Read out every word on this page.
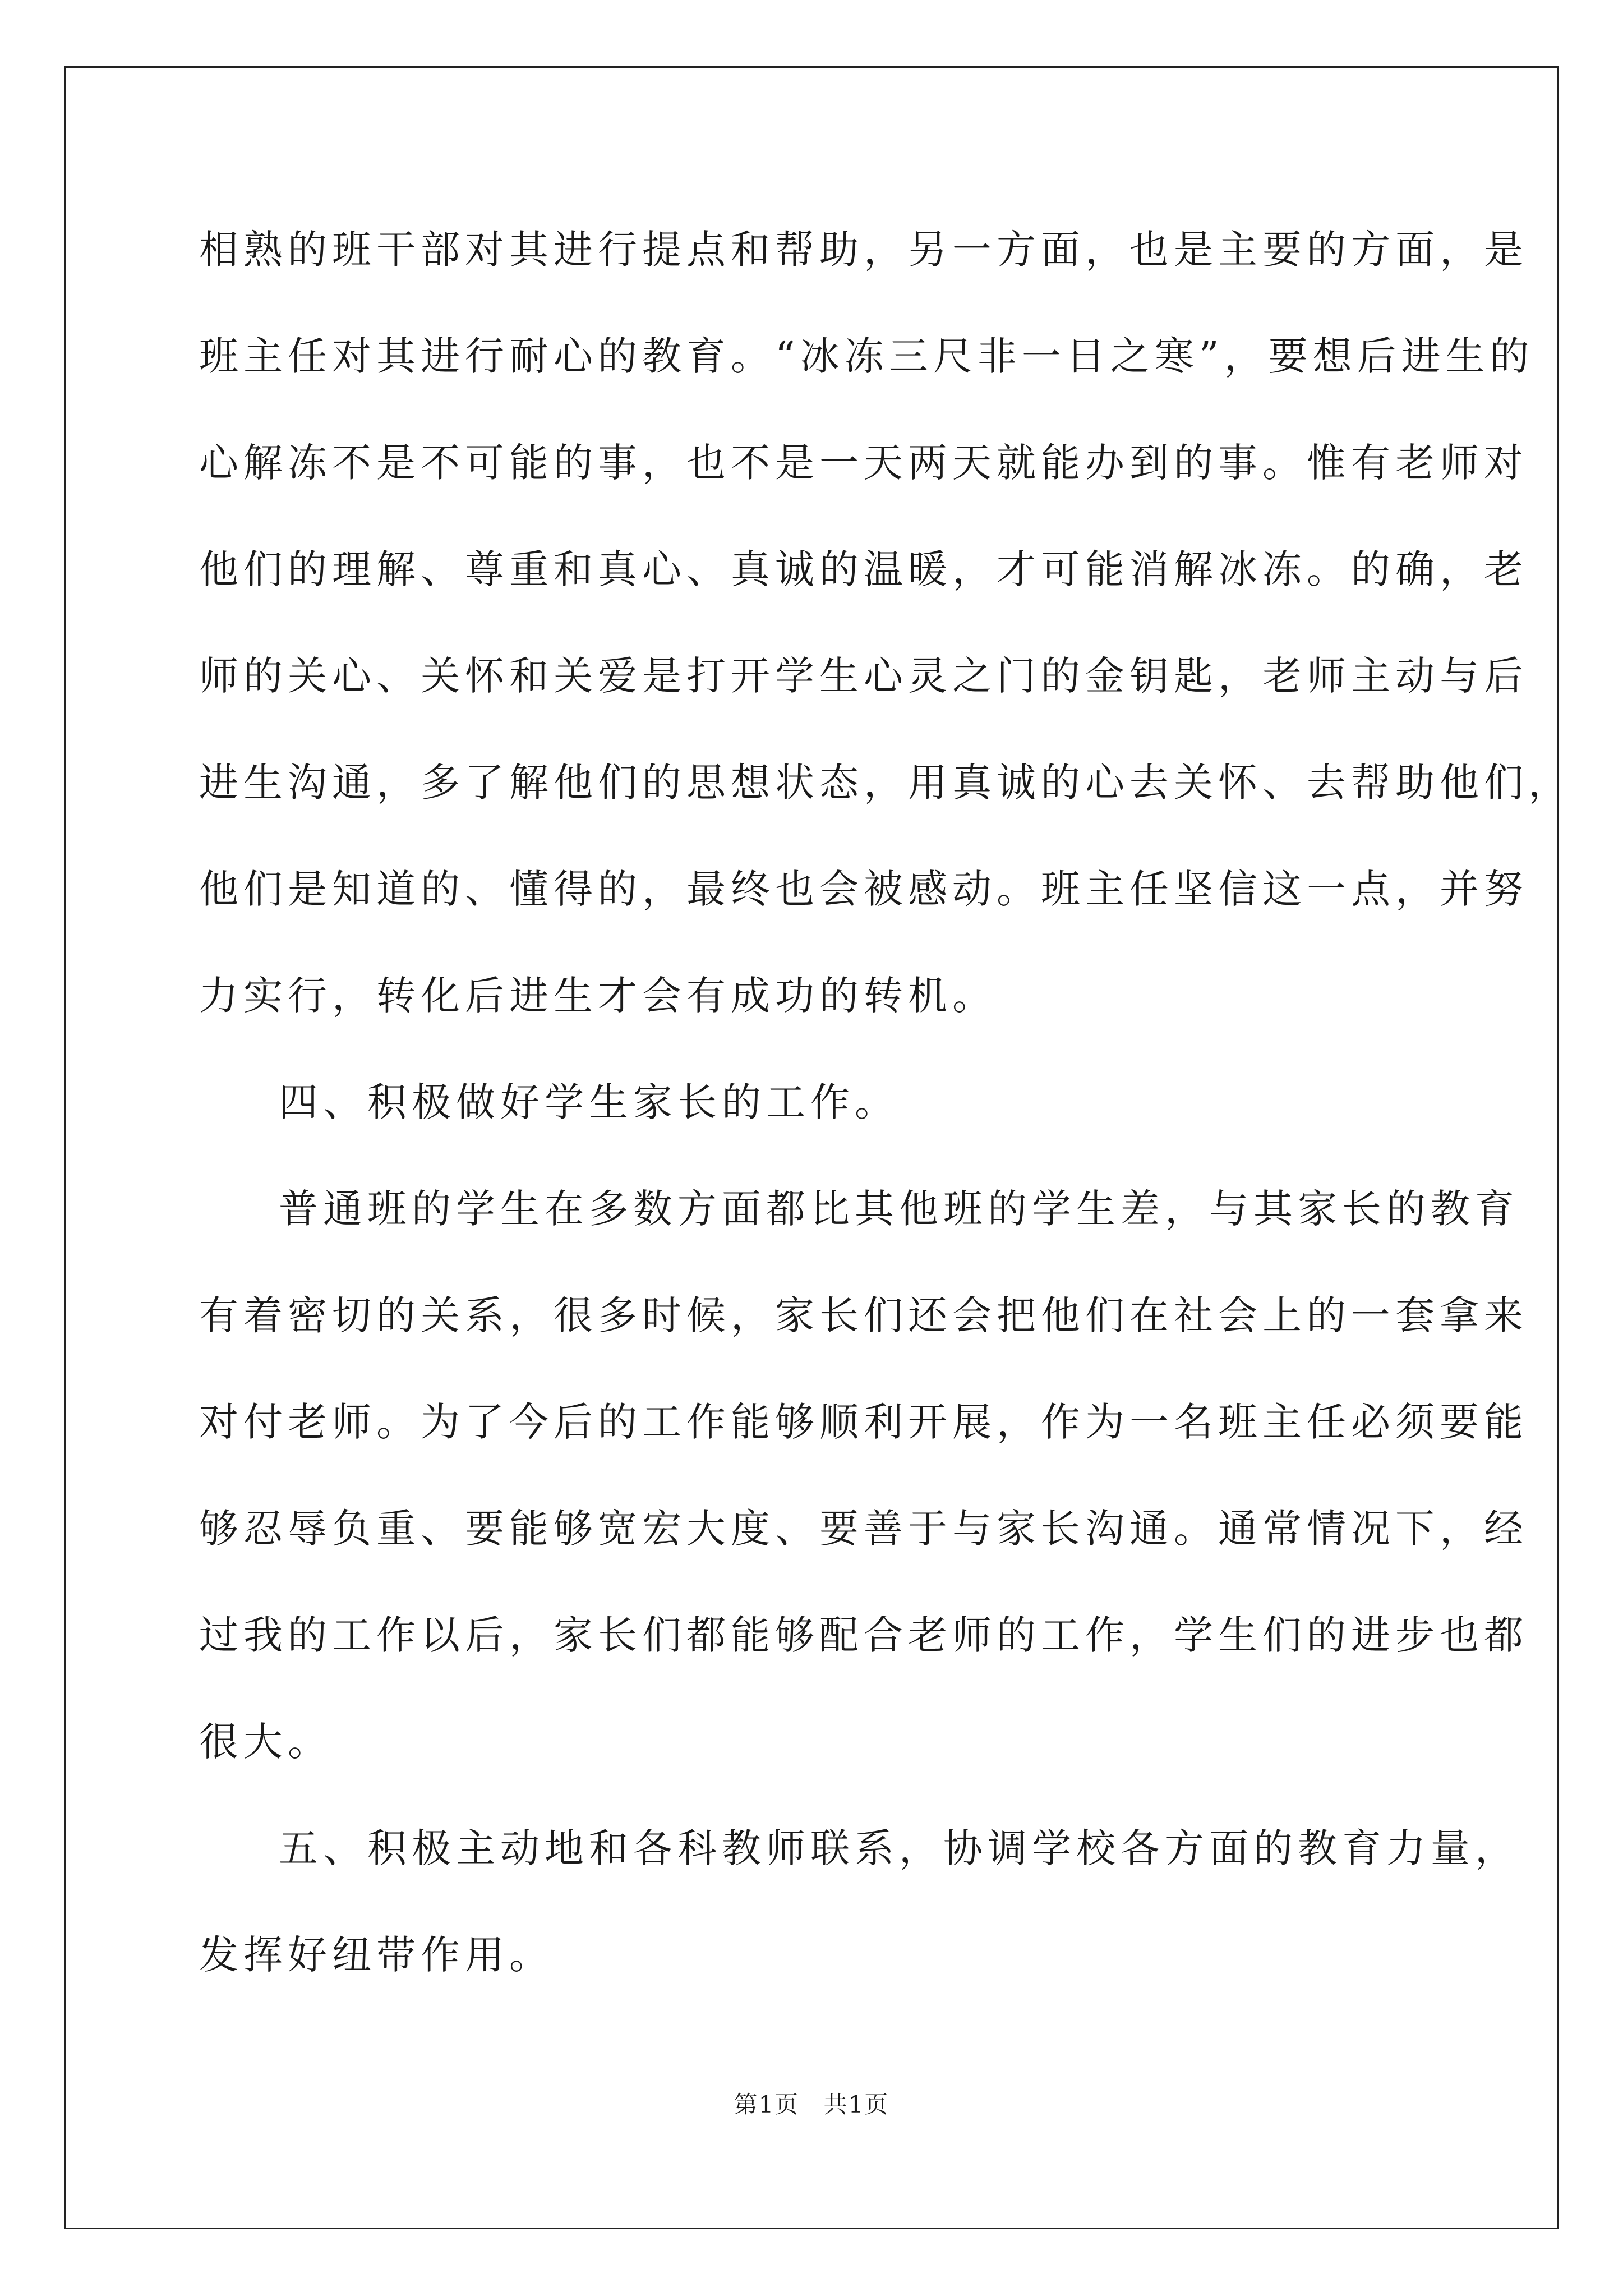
相熟的班干部对其进行提点和帮助，另一方面，也是主要的方面，是
班主任对其进行耐心的教育。“冰冻三尺非一日之寒”，要想后进生的
心解冻不是不可能的事，也不是一天两天就能办到的事。惟有老师对
他们的理解、尊重和真心、真诚的温暖，才可能消解冰冻。的确，老
师的关心、关怀和关爱是打开学生心灵之门的金钥匙，老师主动与后
进生沟通，多了解他们的思想状态，用真诚的心去关怀、去帮助他们，
他们是知道的、懂得的，最终也会被感动。班主任坚信这一点，并努
力实行，转化后进生才会有成功的转机。
四、积极做好学生家长的工作。
普通班的学生在多数方面都比其他班的学生差，与其家长的教育
有着密切的关系，很多时候，家长们还会把他们在社会上的一套拿来
对付老师。为了今后的工作能够顺利开展，作为一名班主任必须要能
够忍辱负重、要能够宽宏大度、要善于与家长沟通。通常情况下，经
过我的工作以后，家长们都能够配合老师的工作，学生们的进步也都
很大。
五、积极主动地和各科教师联系，协调学校各方面的教育力量，
发挥好纽带作用。
第1页 共1页
